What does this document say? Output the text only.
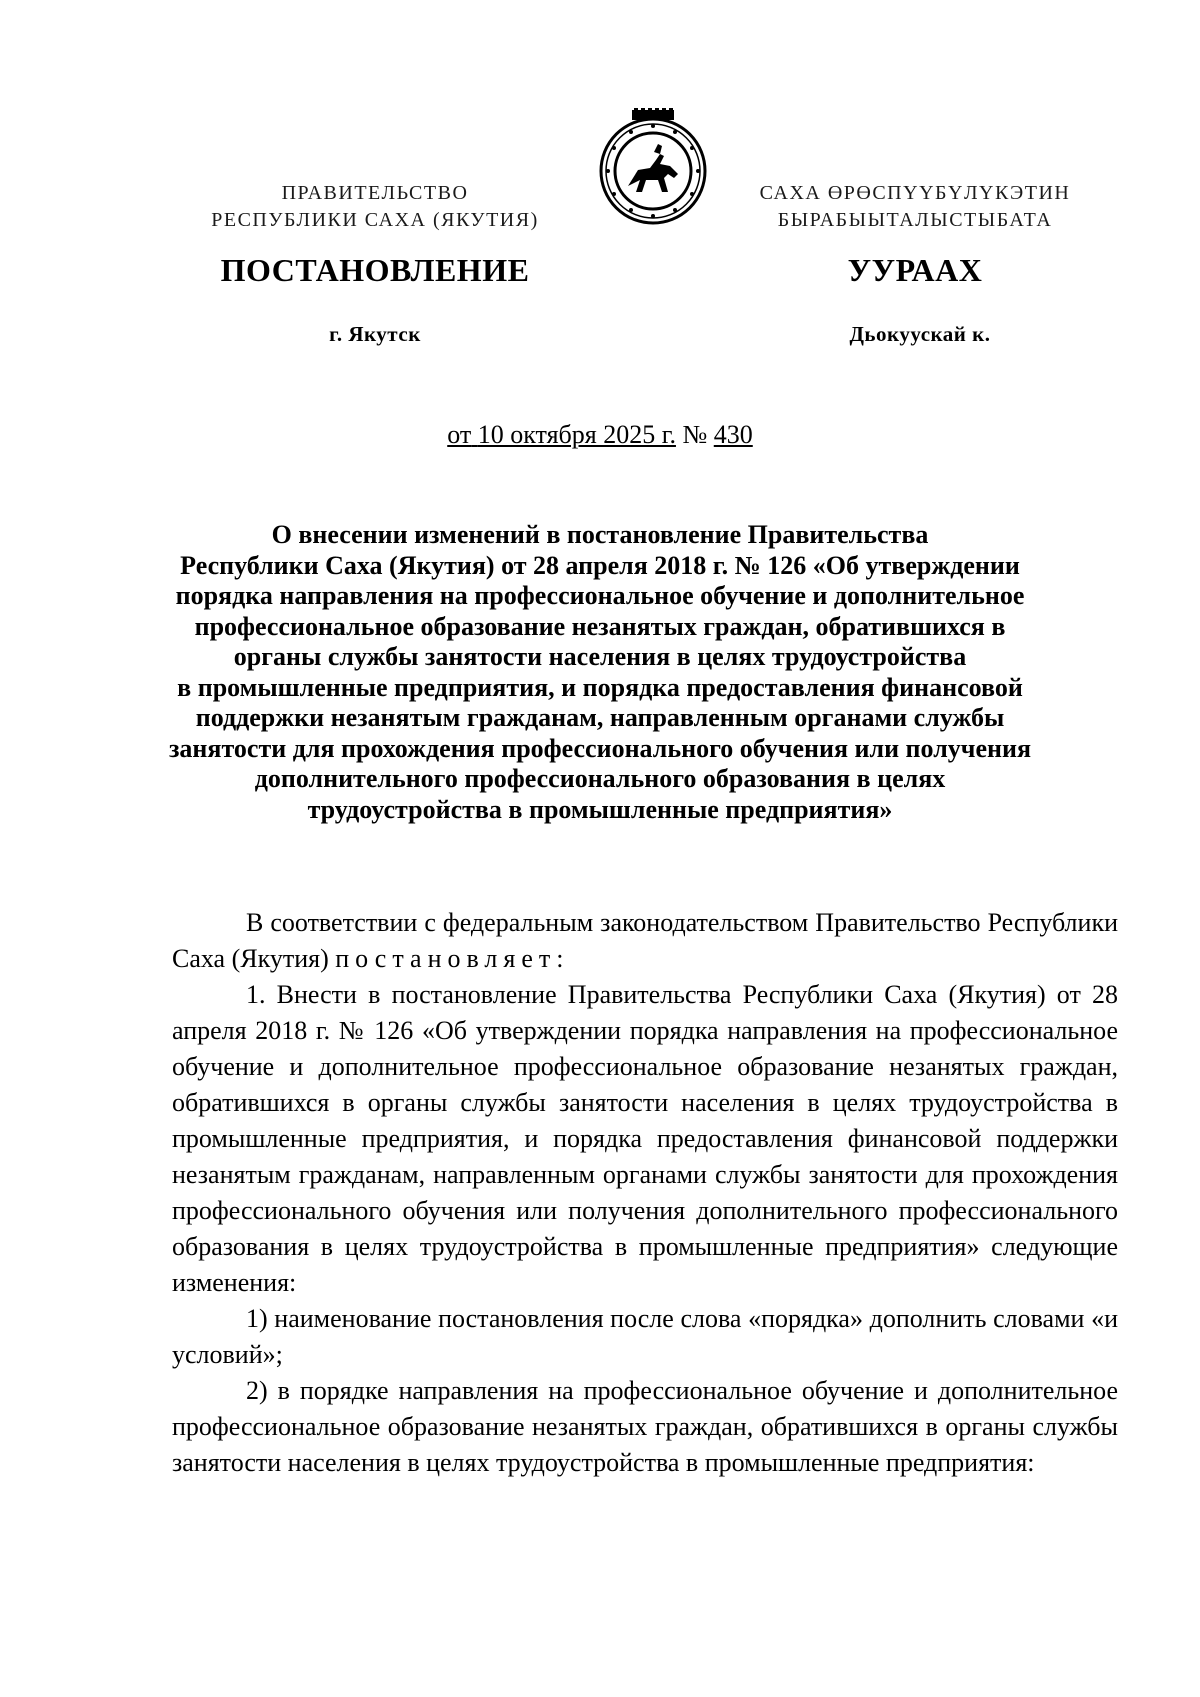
ПРАВИТЕЛЬСТВО
РЕСПУБЛИКИ САХА (ЯКУТИЯ)
САХА ӨРӨСПҮҮБҮЛҮКЭТИН
БЫРАБЫЫТАЛЫСТЫБАТА
ПОСТАНОВЛЕНИЕ	УУРААХ
г. Якутск	Дьокуускай к.
от 10 октября 2025 г. № 430
О внесении изменений в постановление Правительства
Республики Саха (Якутия) от 28 апреля 2018 г. № 126 «Об утверждении
порядка направления на профессиональное обучение и дополнительное
профессиональное образование незанятых граждан, обратившихся в
органы службы занятости населения в целях трудоустройства
в промышленные предприятия, и порядка предоставления финансовой
поддержки незанятым гражданам, направленным органами службы
занятости для прохождения профессионального обучения или получения
дополнительного профессионального образования в целях
трудоустройства в промышленные предприятия»

В соответствии с федеральным законодательством Правительство Республики Саха (Якутия) постановляет:

1. Внести в постановление Правительства Республики Саха (Якутия) от 28 апреля 2018 г. № 126 «Об утверждении порядка направления на профессиональное обучение и дополнительное профессиональное образование незанятых граждан, обратившихся в органы службы занятости населения в целях трудоустройства в промышленные предприятия, и порядка предоставления финансовой поддержки незанятым гражданам, направленным органами службы занятости для прохождения профессионального обучения или получения дополнительного профессионального образования в целях трудоустройства в промышленные предприятия» следующие изменения:

1) наименование постановления после слова «порядка» дополнить словами «и условий»;

2) в порядке направления на профессиональное обучение и дополнительное профессиональное образование незанятых граждан, обратившихся в органы службы занятости населения в целях трудоустройства в промышленные предприятия:
